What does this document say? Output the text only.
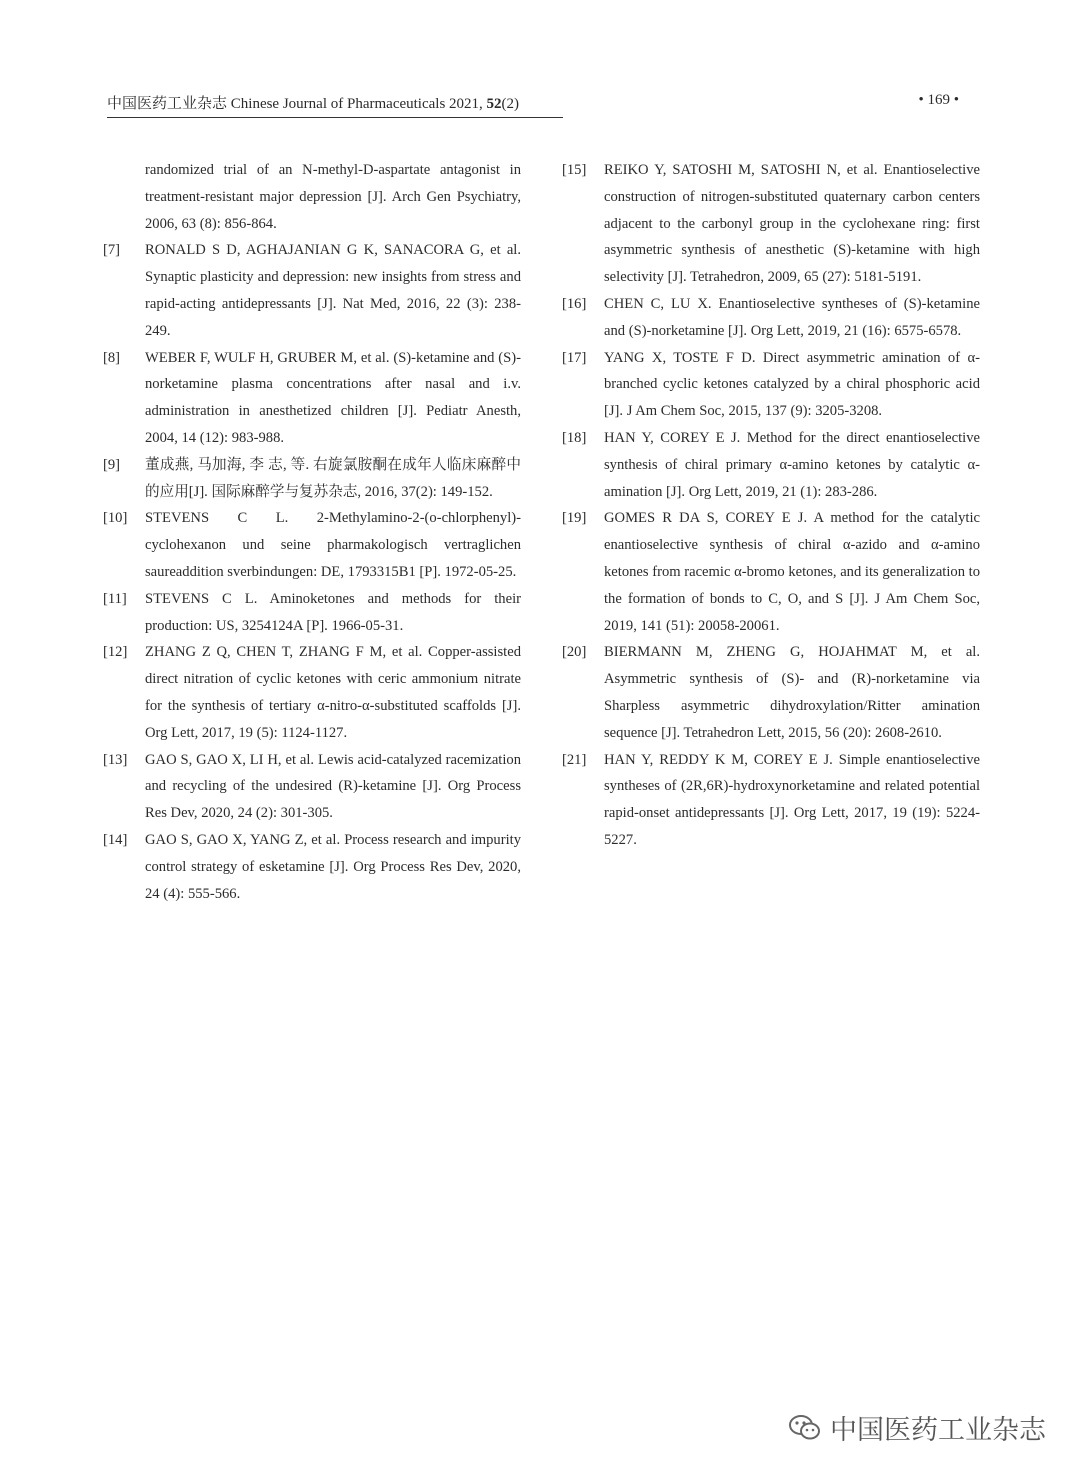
中国医药工业杂志 Chinese Journal of Pharmaceuticals 2021, 52(2)	• 169 •
randomized trial of an N-methyl-D-aspartate antagonist in treatment-resistant major depression [J]. Arch Gen Psychiatry, 2006, 63 (8): 856-864.
[7]	RONALD S D, AGHAJANIAN G K, SANACORA G, et al. Synaptic plasticity and depression: new insights from stress and rapid-acting antidepressants [J]. Nat Med, 2016, 22 (3): 238-249.
[8]	WEBER F, WULF H, GRUBER M, et al. (S)-ketamine and (S)-norketamine plasma concentrations after nasal and i.v. administration in anesthetized children [J]. Pediatr Anesth, 2004, 14 (12): 983-988.
[9]	董成燕, 马加海, 李 志, 等. 右旋氯胺酮在成年人临床麻醉中的应用[J]. 国际麻醉学与复苏杂志, 2016, 37(2): 149-152.
[10]	STEVENS C L. 2-Methylamino-2-(o-chlorphenyl)-cyclohexanon und seine pharmakologisch vertraglichen saureaddition sverbindungen: DE, 1793315B1 [P]. 1972-05-25.
[11]	STEVENS C L. Aminoketones and methods for their production: US, 3254124A [P]. 1966-05-31.
[12]	ZHANG Z Q, CHEN T, ZHANG F M, et al. Copper-assisted direct nitration of cyclic ketones with ceric ammonium nitrate for the synthesis of tertiary α-nitro-α-substituted scaffolds [J]. Org Lett, 2017, 19 (5): 1124-1127.
[13]	GAO S, GAO X, LI H, et al. Lewis acid-catalyzed racemization and recycling of the undesired (R)-ketamine [J]. Org Process Res Dev, 2020, 24 (2): 301-305.
[14]	GAO S, GAO X, YANG Z, et al. Process research and impurity control strategy of esketamine [J]. Org Process Res Dev, 2020, 24 (4): 555-566.
[15]	REIKO Y, SATOSHI M, SATOSHI N, et al. Enantioselective construction of nitrogen-substituted quaternary carbon centers adjacent to the carbonyl group in the cyclohexane ring: first asymmetric synthesis of anesthetic (S)-ketamine with high selectivity [J]. Tetrahedron, 2009, 65 (27): 5181-5191.
[16]	CHEN C, LU X. Enantioselective syntheses of (S)-ketamine and (S)-norketamine [J]. Org Lett, 2019, 21 (16): 6575-6578.
[17]	YANG X, TOSTE F D. Direct asymmetric amination of α-branched cyclic ketones catalyzed by a chiral phosphoric acid [J]. J Am Chem Soc, 2015, 137 (9): 3205-3208.
[18]	HAN Y, COREY E J. Method for the direct enantioselective synthesis of chiral primary α-amino ketones by catalytic α-amination [J]. Org Lett, 2019, 21 (1): 283-286.
[19]	GOMES R DA S, COREY E J. A method for the catalytic enantioselective synthesis of chiral α-azido and α-amino ketones from racemic α-bromo ketones, and its generalization to the formation of bonds to C, O, and S [J]. J Am Chem Soc, 2019, 141 (51): 20058-20061.
[20]	BIERMANN M, ZHENG G, HOJAHMAT M, et al. Asymmetric synthesis of (S)- and (R)-norketamine via Sharpless asymmetric dihydroxylation/Ritter amination sequence [J]. Tetrahedron Lett, 2015, 56 (20): 2608-2610.
[21]	HAN Y, REDDY K M, COREY E J. Simple enantioselective syntheses of (2R,6R)-hydroxynorketamine and related potential rapid-onset antidepressants [J]. Org Lett, 2017, 19 (19): 5224-5227.
中国医药工业杂志
